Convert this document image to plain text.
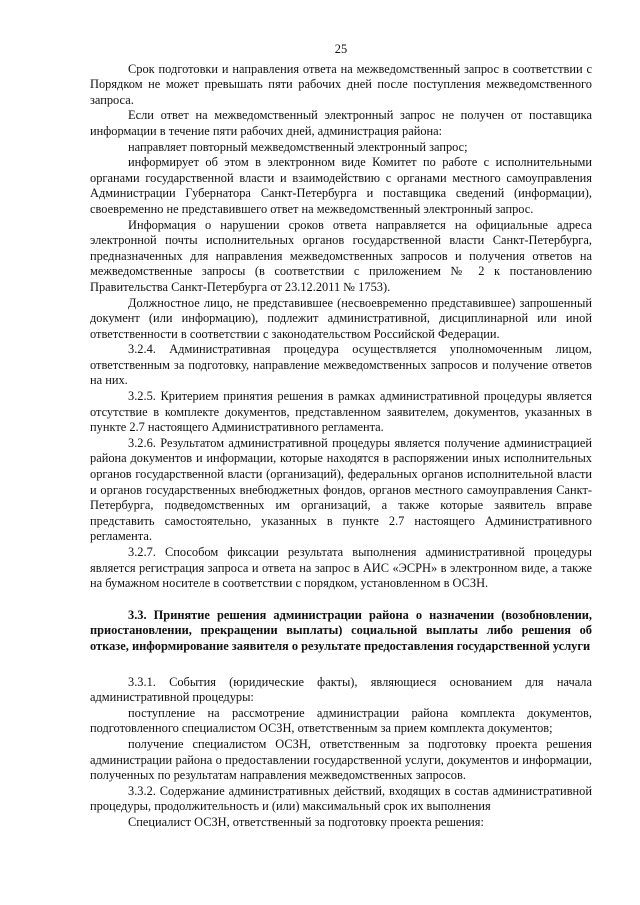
25

Срок подготовки и направления ответа на межведомственный запрос в соответствии с Порядком не может превышать пяти рабочих дней после поступления межведомственного запроса.

Если ответ на межведомственный электронный запрос не получен от поставщика информации в течение пяти рабочих дней, администрация района:

направляет повторный межведомственный электронный запрос;

информирует об этом в электронном виде Комитет по работе с исполнительными органами государственной власти и взаимодействию с органами местного самоуправления Администрации Губернатора Санкт-Петербурга и поставщика сведений (информации), своевременно не представившего ответ на межведомственный электронный запрос.

Информация о нарушении сроков ответа направляется на официальные адреса электронной почты исполнительных органов государственной власти Санкт-Петербурга, предназначенных для направления межведомственных запросов и получения ответов на межведомственные запросы (в соответствии с приложением № 2 к постановлению Правительства Санкт-Петербурга от 23.12.2011 № 1753).

Должностное лицо, не представившее (несвоевременно представившее) запрошенный документ (или информацию), подлежит административной, дисциплинарной или иной ответственности в соответствии с законодательством Российской Федерации.

3.2.4. Административная процедура осуществляется уполномоченным лицом, ответственным за подготовку, направление межведомственных запросов и получение ответов на них.

3.2.5. Критерием принятия решения в рамках административной процедуры является отсутствие в комплекте документов, представленном заявителем, документов, указанных в пункте 2.7 настоящего Административного регламента.

3.2.6. Результатом административной процедуры является получение администрацией района документов и информации, которые находятся в распоряжении иных исполнительных органов государственной власти (организаций), федеральных органов исполнительной власти и органов государственных внебюджетных фондов, органов местного самоуправления Санкт-Петербурга, подведомственных им организаций, а также которые заявитель вправе представить самостоятельно, указанных в пункте 2.7 настоящего Административного регламента.

3.2.7. Способом фиксации результата выполнения административной процедуры является регистрация запроса и ответа на запрос в АИС «ЭСРН» в электронном виде, а также на бумажном носителе в соответствии с порядком, установленном в ОСЗН.

3.3. Принятие решения администрации района о назначении (возобновлении, приостановлении, прекращении выплаты) социальной выплаты либо решения об отказе, информирование заявителя о результате предоставления государственной услуги

3.3.1. События (юридические факты), являющиеся основанием для начала административной процедуры:

поступление на рассмотрение администрации района комплекта документов, подготовленного специалистом ОСЗН, ответственным за прием комплекта документов;

получение специалистом ОСЗН, ответственным за подготовку проекта решения администрации района о предоставлении государственной услуги, документов и информации, полученных по результатам направления межведомственных запросов.

3.3.2. Содержание административных действий, входящих в состав административной процедуры, продолжительность и (или) максимальный срок их выполнения

Специалист ОСЗН, ответственный за подготовку проекта решения:
